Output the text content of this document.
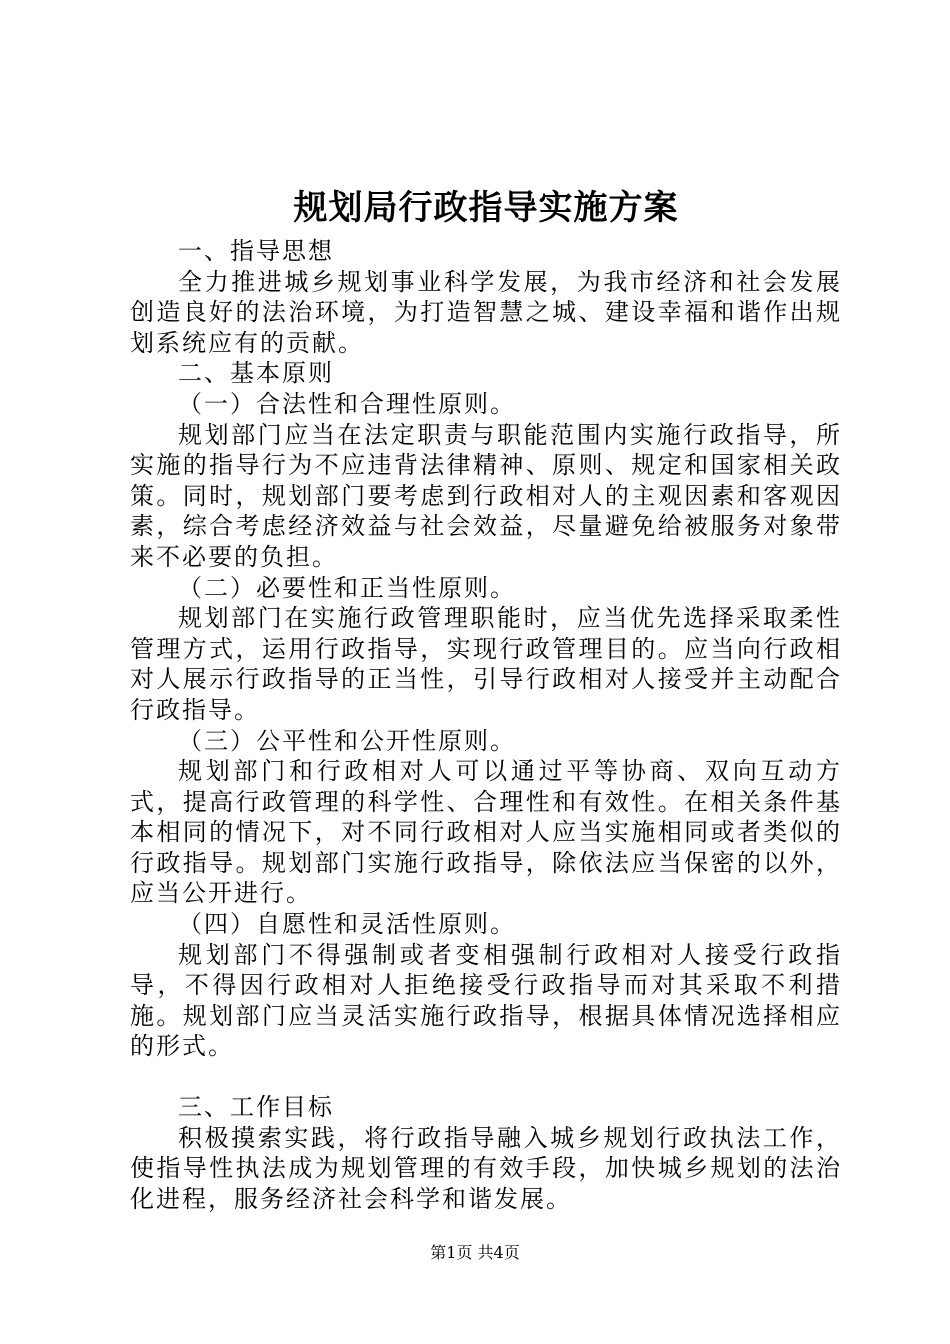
规划局行政指导实施方案

一、指导思想

全力推进城乡规划事业科学发展，为我市经济和社会发展创造良好的法治环境，为打造智慧之城、建设幸福和谐作出规划系统应有的贡献。

二、基本原则

（一）合法性和合理性原则。

规划部门应当在法定职责与职能范围内实施行政指导，所实施的指导行为不应违背法律精神、原则、规定和国家相关政策。同时，规划部门要考虑到行政相对人的主观因素和客观因素，综合考虑经济效益与社会效益，尽量避免给被服务对象带来不必要的负担。

（二）必要性和正当性原则。

规划部门在实施行政管理职能时，应当优先选择采取柔性管理方式，运用行政指导，实现行政管理目的。应当向行政相对人展示行政指导的正当性，引导行政相对人接受并主动配合行政指导。

（三）公平性和公开性原则。

规划部门和行政相对人可以通过平等协商、双向互动方式，提高行政管理的科学性、合理性和有效性。在相关条件基本相同的情况下，对不同行政相对人应当实施相同或者类似的行政指导。规划部门实施行政指导，除依法应当保密的以外，应当公开进行。

（四）自愿性和灵活性原则。

规划部门不得强制或者变相强制行政相对人接受行政指导，不得因行政相对人拒绝接受行政指导而对其采取不利措施。规划部门应当灵活实施行政指导，根据具体情况选择相应的形式。

三、工作目标

积极摸索实践，将行政指导融入城乡规划行政执法工作，使指导性执法成为规划管理的有效手段，加快城乡规划的法治化进程，服务经济社会科学和谐发展。

第1页 共4页
